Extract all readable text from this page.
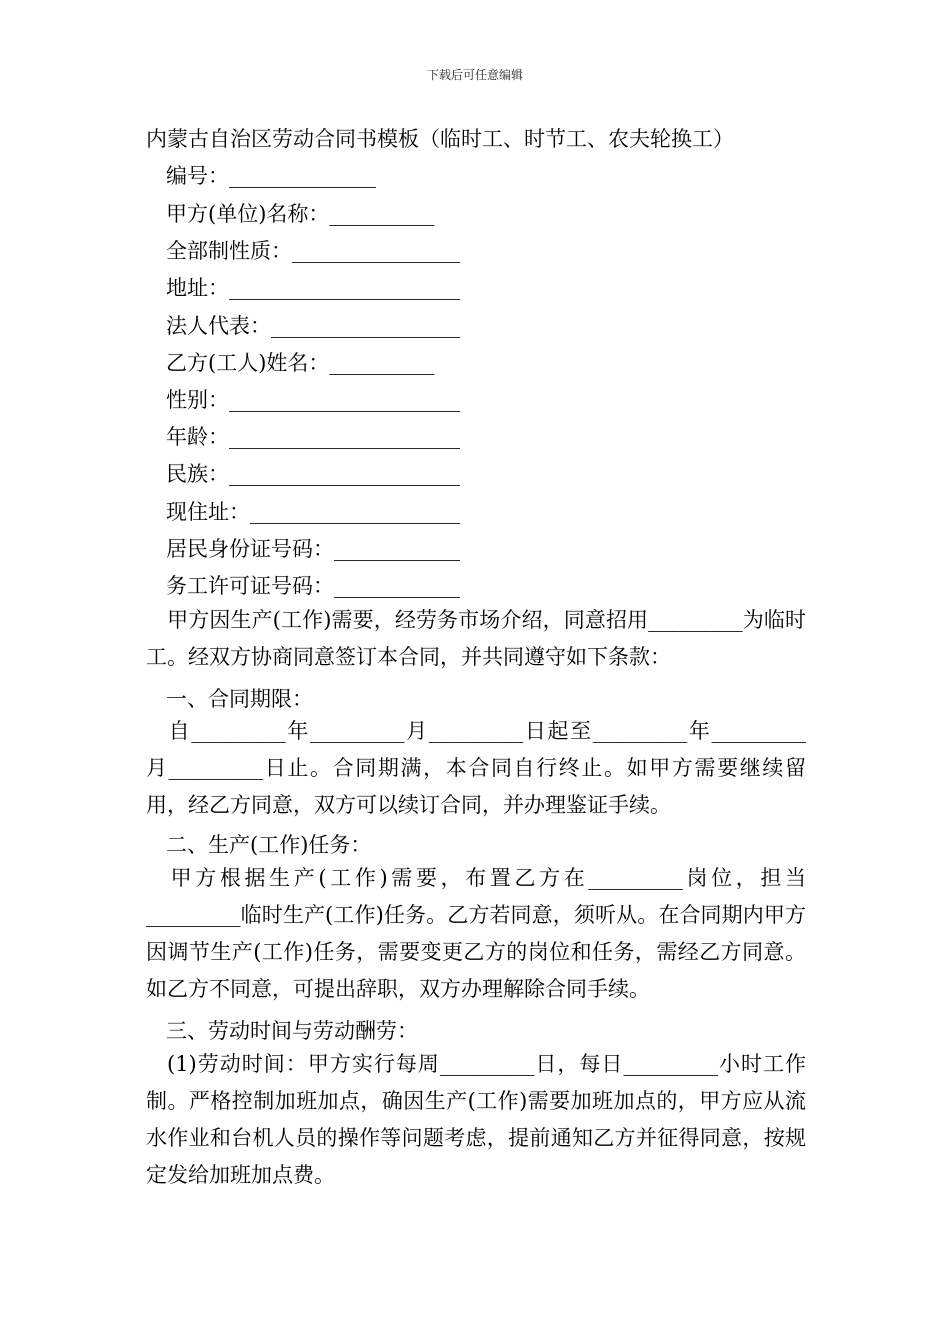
下载后可任意编辑
内蒙古自治区劳动合同书模板（临时工、时节工、农夫轮换工）
编号：______________
甲方(单位)名称：__________
全部制性质：________________
地址：______________________
法人代表：__________________
乙方(工人)姓名：__________
性别：______________________
年龄：______________________
民族：______________________
现住址：____________________
居民身份证号码：____________
务工许可证号码：____________
甲方因生产(工作)需要，经劳务市场介绍，同意招用_________为临时工。经双方协商同意签订本合同，并共同遵守如下条款：
一、合同期限：
自_________年_________月_________日起至_________年_________月_________日止。合同期满，本合同自行终止。如甲方需要继续留用，经乙方同意，双方可以续订合同，并办理鉴证手续。
二、生产(工作)任务：
甲方根据生产(工作)需要，布置乙方在_________岗位，担当_________临时生产(工作)任务。乙方若同意，须听从。在合同期内甲方因调节生产(工作)任务，需要变更乙方的岗位和任务，需经乙方同意。如乙方不同意，可提出辞职，双方办理解除合同手续。
三、劳动时间与劳动酬劳：
(1)劳动时间：甲方实行每周_________日，每日_________小时工作制。严格控制加班加点，确因生产(工作)需要加班加点的，甲方应从流水作业和台机人员的操作等问题考虑，提前通知乙方并征得同意，按规定发给加班加点费。
